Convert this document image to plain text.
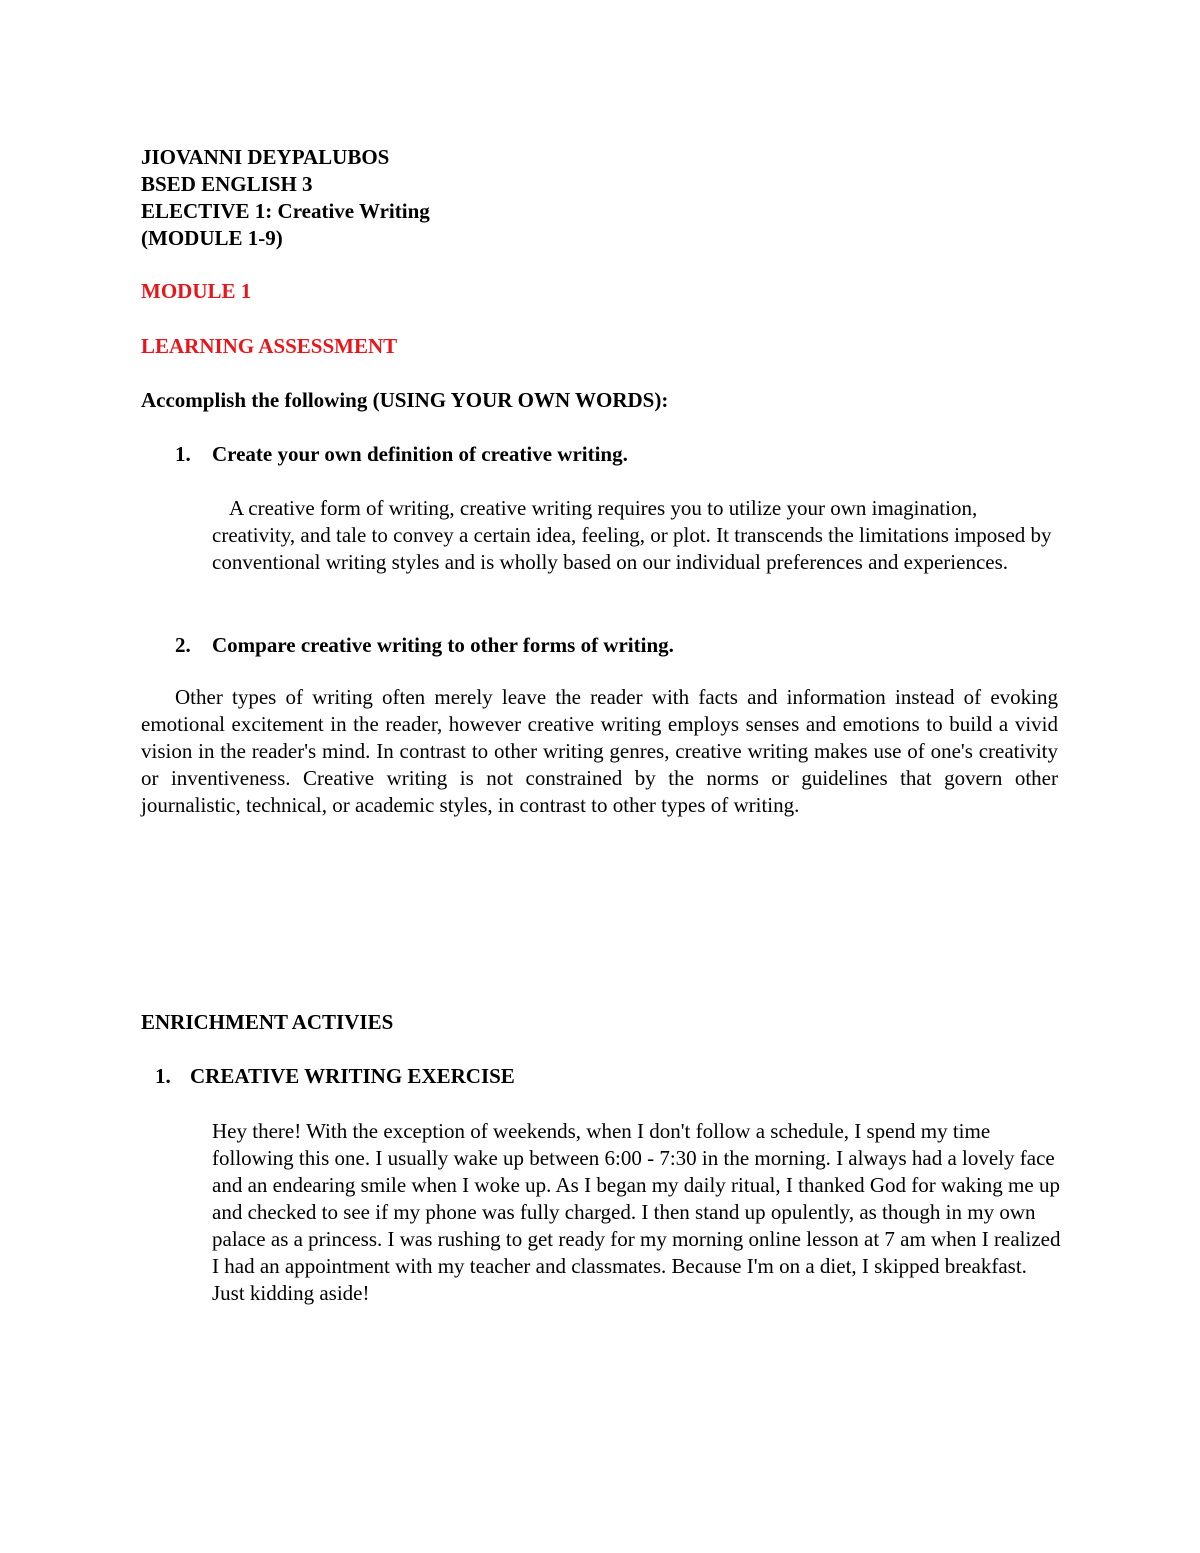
JIOVANNI DEYPALUBOS
BSED ENGLISH 3
ELECTIVE 1: Creative Writing
(MODULE 1-9)
MODULE 1
LEARNING ASSESSMENT
Accomplish the following (USING YOUR OWN WORDS):
1. Create your own definition of creative writing.
A creative form of writing, creative writing requires you to utilize your own imagination, creativity, and tale to convey a certain idea, feeling, or plot. It transcends the limitations imposed by conventional writing styles and is wholly based on our individual preferences and experiences.
2. Compare creative writing to other forms of writing.
Other types of writing often merely leave the reader with facts and information instead of evoking emotional excitement in the reader, however creative writing employs senses and emotions to build a vivid vision in the reader's mind. In contrast to other writing genres, creative writing makes use of one's creativity or inventiveness. Creative writing is not constrained by the norms or guidelines that govern other journalistic, technical, or academic styles, in contrast to other types of writing.
ENRICHMENT ACTIVIES
1. CREATIVE WRITING EXERCISE
Hey there! With the exception of weekends, when I don't follow a schedule, I spend my time following this one. I usually wake up between 6:00 - 7:30 in the morning. I always had a lovely face and an endearing smile when I woke up. As I began my daily ritual, I thanked God for waking me up and checked to see if my phone was fully charged. I then stand up opulently, as though in my own palace as a princess. I was rushing to get ready for my morning online lesson at 7 am when I realized I had an appointment with my teacher and classmates. Because I'm on a diet, I skipped breakfast. Just kidding aside!
